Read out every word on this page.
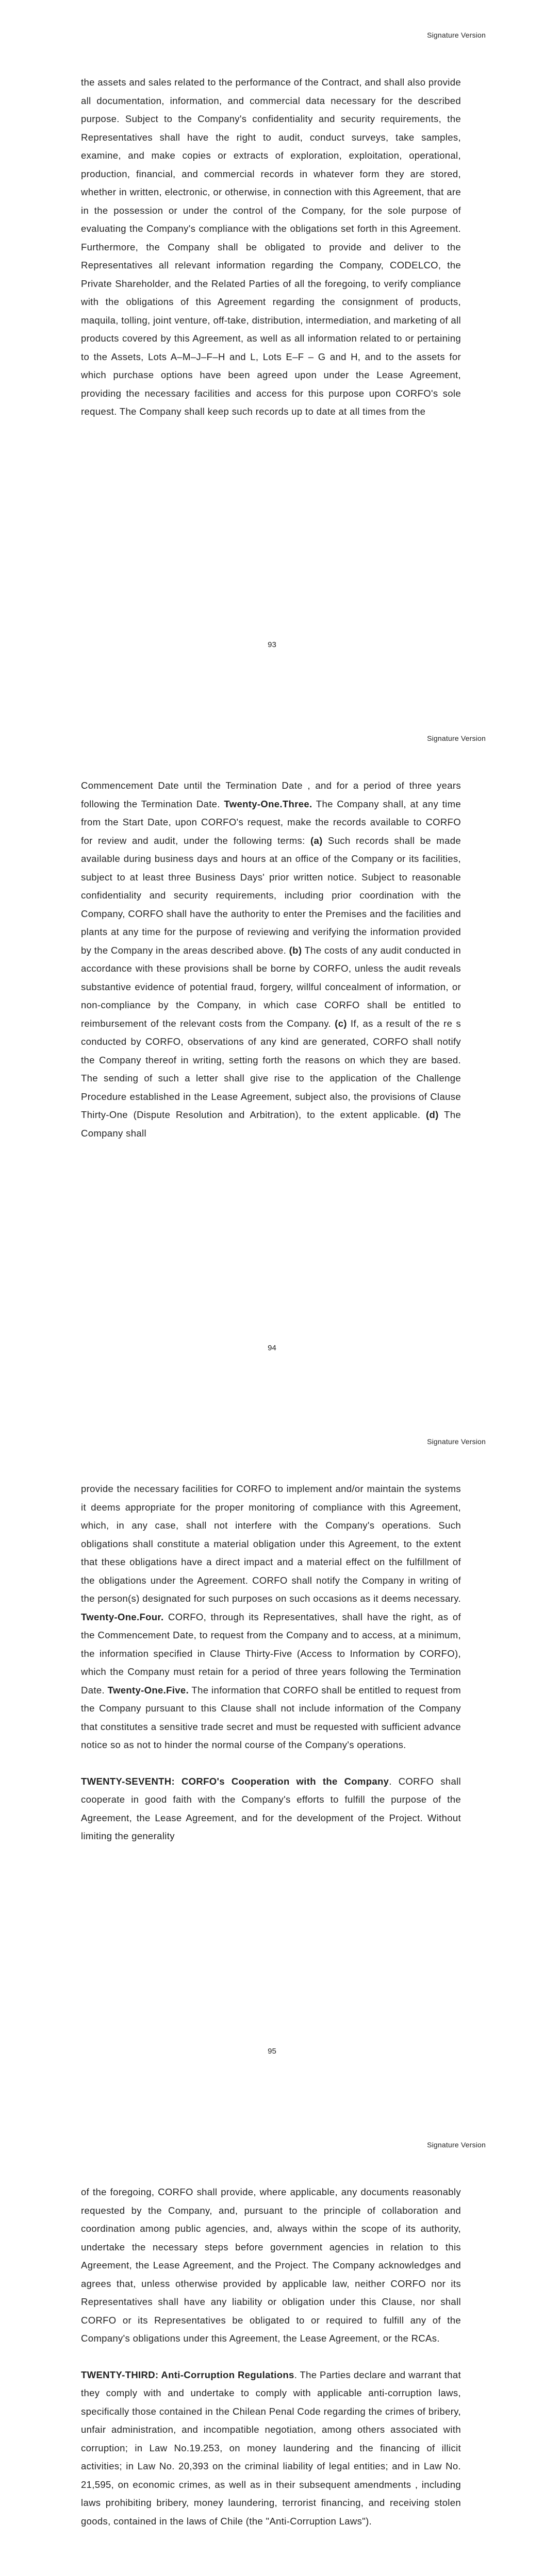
Signature Version

the assets and sales related to the performance of the Contract, and shall also provide all documentation, information, and commercial data necessary for the described purpose. Subject to the Company's confidentiality and security requirements, the Representatives shall have the right to audit, conduct surveys, take samples, examine, and make copies or extracts of exploration, exploitation, operational, production, financial, and commercial records in whatever form they are stored, whether in written, electronic, or otherwise, in connection with this Agreement, that are in the possession or under the control of the Company, for the sole purpose of evaluating the Company's compliance with the obligations set forth in this Agreement. Furthermore, the Company shall be obligated to provide and deliver to the Representatives all relevant information regarding the Company, CODELCO, the Private Shareholder, and the Related Parties of all the foregoing, to verify compliance with the obligations of this Agreement regarding the consignment of products, maquila, tolling, joint venture, off-take, distribution, intermediation, and marketing of all products covered by this Agreement, as well as all information related to or pertaining to the Assets, Lots A–M–J–F–H and L, Lots E–F – G and H, and to the assets for which purchase options have been agreed upon under the Lease Agreement, providing the necessary facilities and access for this purpose upon CORFO's sole request. The Company shall keep such records up to date at all times from the

93
Signature Version

Commencement Date until the Termination Date , and for a period of three years following the Termination Date. Twenty-One.Three. The Company shall, at any time from the Start Date, upon CORFO's request, make the records available to CORFO for review and audit, under the following terms: (a) Such records shall be made available during business days and hours at an office of the Company or its facilities, subject to at least three Business Days' prior written notice. Subject to reasonable confidentiality and security requirements, including prior coordination with the Company, CORFO shall have the authority to enter the Premises and the facilities and plants at any time for the purpose of reviewing and verifying the information provided by the Company in the areas described above. (b) The costs of any audit conducted in accordance with these provisions shall be borne by CORFO, unless the audit reveals substantive evidence of potential fraud, forgery, willful concealment of information, or non-compliance by the Company, in which case CORFO shall be entitled to reimbursement of the relevant costs from the Company. (c) If, as a result of the re s conducted by CORFO, observations of any kind are generated, CORFO shall notify the Company thereof in writing, setting forth the reasons on which they are based. The sending of such a letter shall give rise to the application of the Challenge Procedure established in the Lease Agreement, subject also, the provisions of Clause Thirty-One (Dispute Resolution and Arbitration), to the extent applicable. (d) The Company shall

94
Signature Version

provide the necessary facilities for CORFO to implement and/or maintain the systems it deems appropriate for the proper monitoring of compliance with this Agreement, which, in any case, shall not interfere with the Company's operations. Such obligations shall constitute a material obligation under this Agreement, to the extent that these obligations have a direct impact and a material effect on the fulfillment of the obligations under the Agreement. CORFO shall notify the Company in writing of the person(s) designated for such purposes on such occasions as it deems necessary. Twenty-One.Four. CORFO, through its Representatives, shall have the right, as of the Commencement Date, to request from the Company and to access, at a minimum, the information specified in Clause Thirty-Five (Access to Information by CORFO), which the Company must retain for a period of three years following the Termination Date. Twenty-One.Five. The information that CORFO shall be entitled to request from the Company pursuant to this Clause shall not include information of the Company that constitutes a sensitive trade secret and must be requested with sufficient advance notice so as not to hinder the normal course of the Company's operations.

TWENTY-SEVENTH: CORFO's Cooperation with the Company. CORFO shall cooperate in good faith with the Company's efforts to fulfill the purpose of the Agreement, the Lease Agreement, and for the development of the Project. Without limiting the generality

95
Signature Version

of the foregoing, CORFO shall provide, where applicable, any documents reasonably requested by the Company, and, pursuant to the principle of collaboration and coordination among public agencies, and, always within the scope of its authority, undertake the necessary steps before government agencies in relation to this Agreement, the Lease Agreement, and the Project. The Company acknowledges and agrees that, unless otherwise provided by applicable law, neither CORFO nor its Representatives shall have any liability or obligation under this Clause, nor shall CORFO or its Representatives be obligated to or required to fulfill any of the Company's obligations under this Agreement, the Lease Agreement, or the RCAs.

TWENTY-THIRD: Anti-Corruption Regulations. The Parties declare and warrant that they comply with and undertake to comply with applicable anti-corruption laws, specifically those contained in the Chilean Penal Code regarding the crimes of bribery, unfair administration, and incompatible negotiation, among others associated with corruption; in Law No.19.253, on money laundering and the financing of illicit activities; in Law No. 20,393 on the criminal liability of legal entities; and in Law No. 21,595, on economic crimes, as well as in their subsequent amendments , including laws prohibiting bribery, money laundering, terrorist financing, and receiving stolen goods, contained in the laws of Chile (the "Anti-Corruption Laws").
